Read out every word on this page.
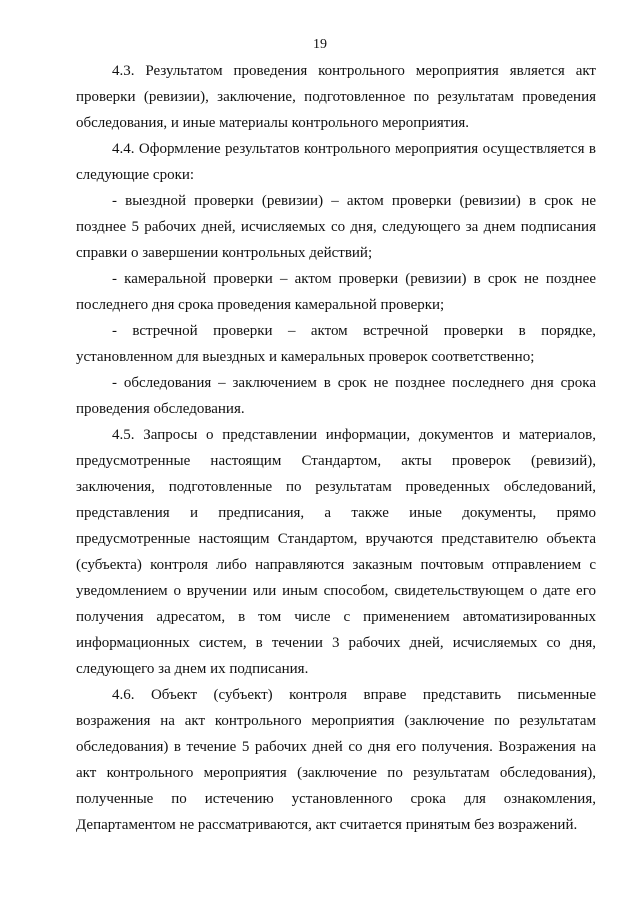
19

4.3. Результатом проведения контрольного мероприятия является акт проверки (ревизии), заключение, подготовленное по результатам проведения обследования, и иные материалы контрольного мероприятия.

4.4. Оформление результатов контрольного мероприятия осуществляется в следующие сроки:

- выездной проверки (ревизии) – актом проверки (ревизии) в срок не позднее 5 рабочих дней, исчисляемых со дня, следующего за днем подписания справки о завершении контрольных действий;

- камеральной проверки – актом проверки (ревизии) в срок не позднее последнего дня срока проведения камеральной проверки;

- встречной проверки – актом встречной проверки в порядке, установленном для выездных и камеральных проверок соответственно;

- обследования – заключением в срок не позднее последнего дня срока проведения обследования.

4.5. Запросы о представлении информации, документов и материалов, предусмотренные настоящим Стандартом, акты проверок (ревизий), заключения, подготовленные по результатам проведенных обследований, представления и предписания, а также иные документы, прямо предусмотренные настоящим Стандартом, вручаются представителю объекта (субъекта) контроля либо направляются заказным почтовым отправлением с уведомлением о вручении или иным способом, свидетельствующем о дате его получения адресатом, в том числе с применением автоматизированных информационных систем, в течении 3 рабочих дней, исчисляемых со дня, следующего за днем их подписания.

4.6. Объект (субъект) контроля вправе представить письменные возражения на акт контрольного мероприятия (заключение по результатам обследования) в течение 5 рабочих дней со дня его получения. Возражения на акт контрольного мероприятия (заключение по результатам обследования), полученные по истечению установленного срока для ознакомления, Департаментом не рассматриваются, акт считается принятым без возражений.
